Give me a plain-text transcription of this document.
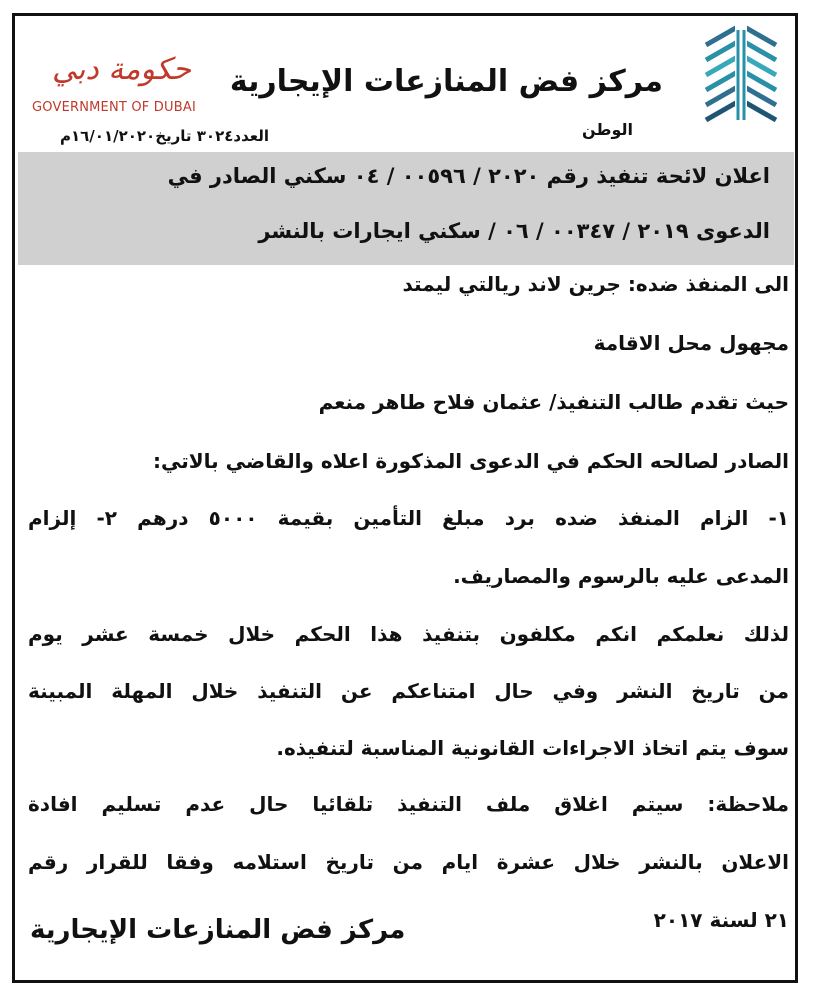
مركز فض المنازعات الإيجارية
الوطن
العدد٣٠٢٤ تاريخ١٦/٠١/٢٠٢٠م
حكومة دبي
GOVERNMENT OF DUBAI
اعلان لائحة تنفيذ رقم ٢٠٢٠ / ٠٠٥٩٦ / ٠٤ سكني الصادر في
الدعوى ٢٠١٩ / ٠٠٣٤٧ / ٠٦ / سكني ايجارات بالنشر
الى المنفذ ضده: جرين لاند ريالتي ليمتد
مجهول محل الاقامة
حيث تقدم طالب التنفيذ/ عثمان فلاح طاهر منعم
الصادر لصالحه الحكم في الدعوى المذكورة اعلاه والقاضي بالاتي:
١- الزام المنفذ ضده برد مبلغ التأمين بقيمة ٥٠٠٠ درهم ٢- إلزام
المدعى عليه بالرسوم والمصاريف.
لذلك نعلمكم انكم مكلفون بتنفيذ هذا الحكم خلال خمسة عشر يوم
من تاريخ النشر وفي حال امتناعكم عن التنفيذ خلال المهلة المبينة
سوف يتم اتخاذ الاجراءات القانونية المناسبة لتنفيذه.
ملاحظة: سيتم اغلاق ملف التنفيذ تلقائيا حال عدم تسليم افادة
الاعلان بالنشر خلال عشرة ايام من تاريخ استلامه وفقا للقرار رقم
٢١ لسنة ٢٠١٧
مركز فض المنازعات الإيجارية
